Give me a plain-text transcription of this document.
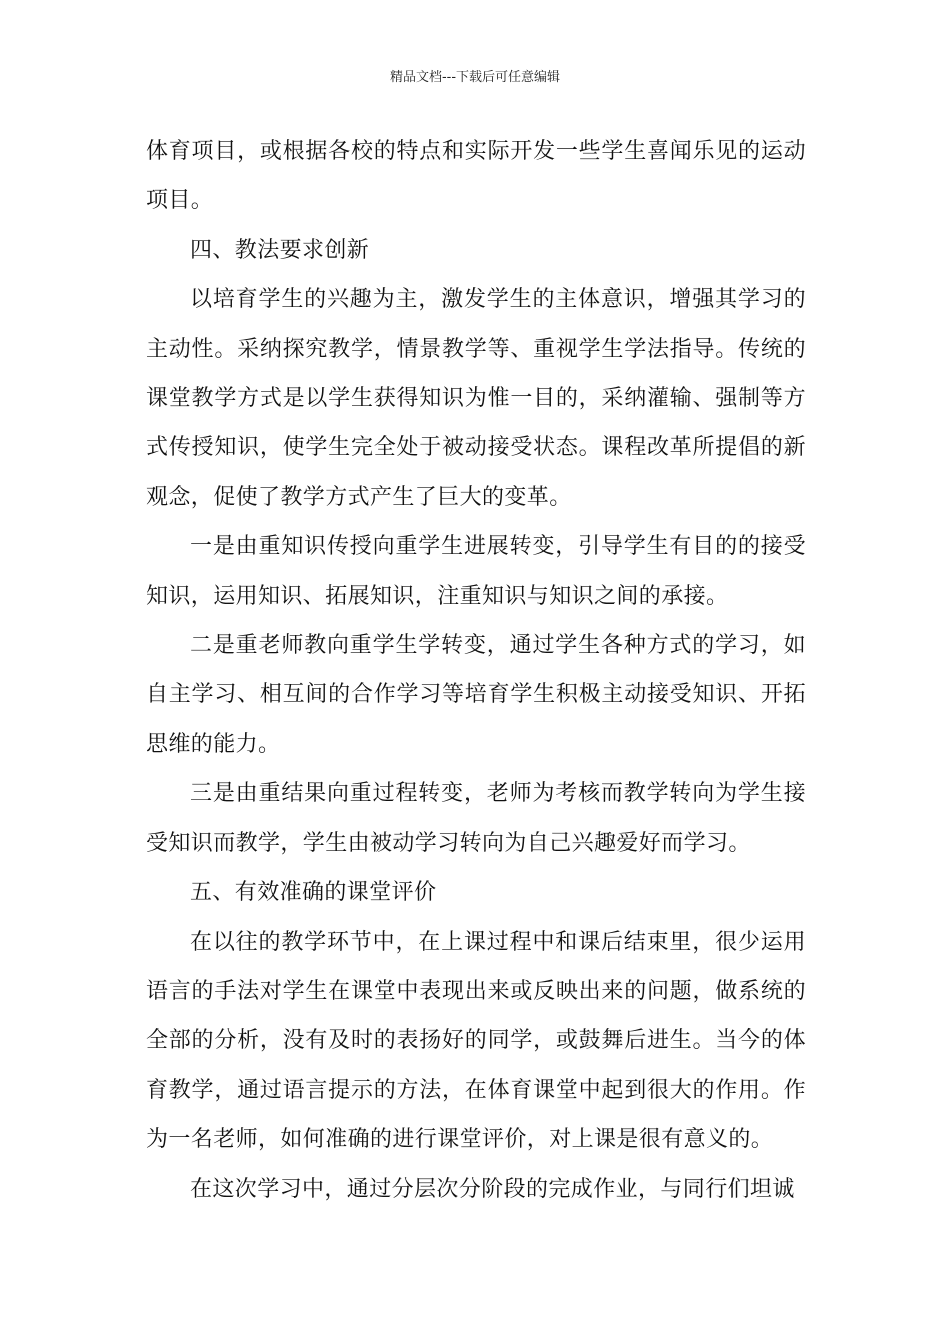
精品文档---下载后可任意编辑

体育项目，或根据各校的特点和实际开发一些学生喜闻乐见的运动项目。

四、教法要求创新

以培育学生的兴趣为主，激发学生的主体意识，增强其学习的主动性。采纳探究教学，情景教学等、重视学生学法指导。传统的课堂教学方式是以学生获得知识为惟一目的，采纳灌输、强制等方式传授知识，使学生完全处于被动接受状态。课程改革所提倡的新观念，促使了教学方式产生了巨大的变革。

一是由重知识传授向重学生进展转变，引导学生有目的的接受知识，运用知识、拓展知识，注重知识与知识之间的承接。

二是重老师教向重学生学转变，通过学生各种方式的学习，如自主学习、相互间的合作学习等培育学生积极主动接受知识、开拓思维的能力。

三是由重结果向重过程转变，老师为考核而教学转向为学生接受知识而教学，学生由被动学习转向为自己兴趣爱好而学习。

五、有效准确的课堂评价

在以往的教学环节中，在上课过程中和课后结束里，很少运用语言的手法对学生在课堂中表现出来或反映出来的问题，做系统的全部的分析，没有及时的表扬好的同学，或鼓舞后进生。当今的体育教学，通过语言提示的方法，在体育课堂中起到很大的作用。作为一名老师，如何准确的进行课堂评价，对上课是很有意义的。

在这次学习中，通过分层次分阶段的完成作业，与同行们坦诚
